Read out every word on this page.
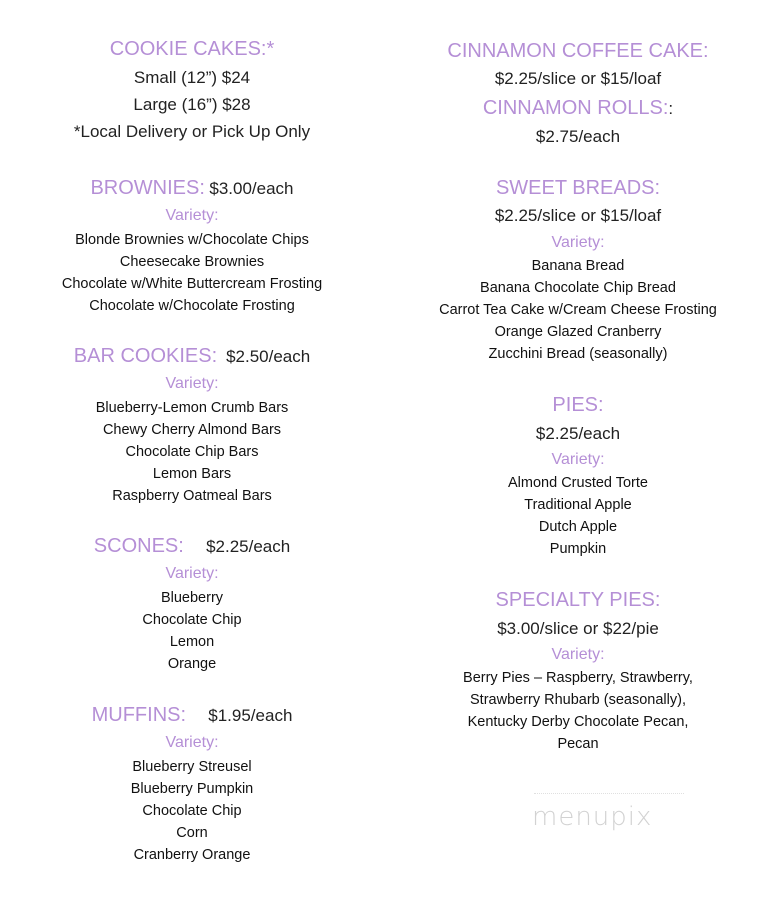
COOKIE CAKES:*
Small (12”) $24
Large (16”) $28
*Local Delivery or Pick Up Only
BROWNIES: $3.00/each
Variety:
Blonde Brownies w/Chocolate Chips
Cheesecake Brownies
Chocolate w/White Buttercream Frosting
Chocolate w/Chocolate Frosting
BAR COOKIES: $2.50/each
Variety:
Blueberry-Lemon Crumb Bars
Chewy Cherry Almond Bars
Chocolate Chip Bars
Lemon Bars
Raspberry Oatmeal Bars
SCONES: $2.25/each
Variety:
Blueberry
Chocolate Chip
Lemon
Orange
MUFFINS: $1.95/each
Variety:
Blueberry Streusel
Blueberry Pumpkin
Chocolate Chip
Corn
Cranberry Orange
CINNAMON COFFEE CAKE:
$2.25/slice or $15/loaf
CINNAMON ROLLS::
$2.75/each
SWEET BREADS:
$2.25/slice or $15/loaf
Variety:
Banana Bread
Banana Chocolate Chip Bread
Carrot Tea Cake w/Cream Cheese Frosting
Orange Glazed Cranberry
Zucchini Bread (seasonally)
PIES:
$2.25/each
Variety:
Almond Crusted Torte
Traditional Apple
Dutch Apple
Pumpkin
SPECIALTY PIES:
$3.00/slice or $22/pie
Variety:
Berry Pies – Raspberry, Strawberry,
Strawberry Rhubarb (seasonally),
Kentucky Derby Chocolate Pecan,
Pecan
menupix
